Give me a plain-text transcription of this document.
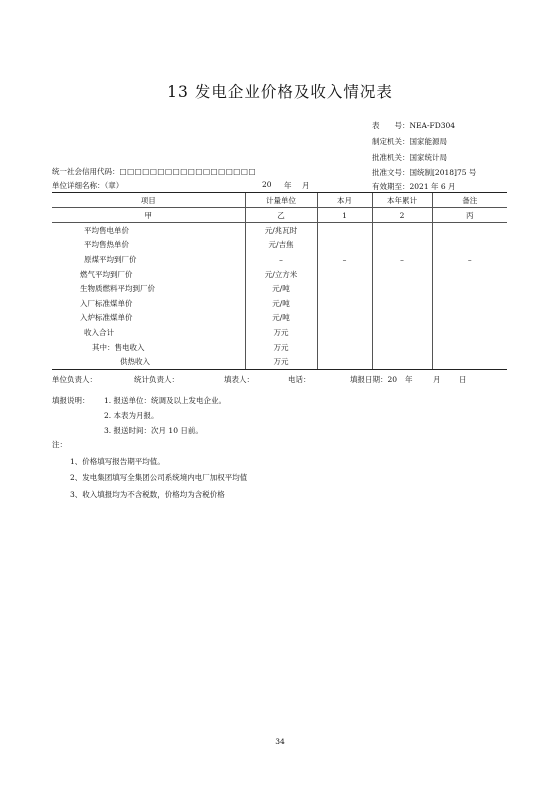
13 发电企业价格及收入情况表
表　　号：NEA-FD304
制定机关：国家能源局
批准机关：国家统计局
批准文号：国统制[2018]75 号
有效期至：2021 年 6 月
统一社会信用代码：□□□□□□□□□□□□□□□□□□
单位详细名称：（章）	20 年 月
项目	计量单位	本月	本年累计	备注
甲	乙	1	2	丙
平均售电单价	元/兆瓦时			
平均售热单价	元/吉焦			
原煤平均到厂价	–	–	–	–
燃气平均到厂价	元/立方米			
生物质燃料平均到厂价	元/吨			
入厂标准煤单价	元/吨			
入炉标准煤单价	元/吨			
收入合计	万元			
其中：售电收入	万元			
供热收入	万元			
单位负责人：	统计负责人：	填表人：	电话：	填报日期：20 年	月 日
填报说明： 1. 报送单位：统调及以上发电企业。
2. 本表为月报。
3. 报送时间：次月 10 日前。
注：
1、价格填写报告期平均值。
2、发电集团填写全集团公司系统境内电厂加权平均值
3、收入填报均为不含税数，价格均为含税价格
34
